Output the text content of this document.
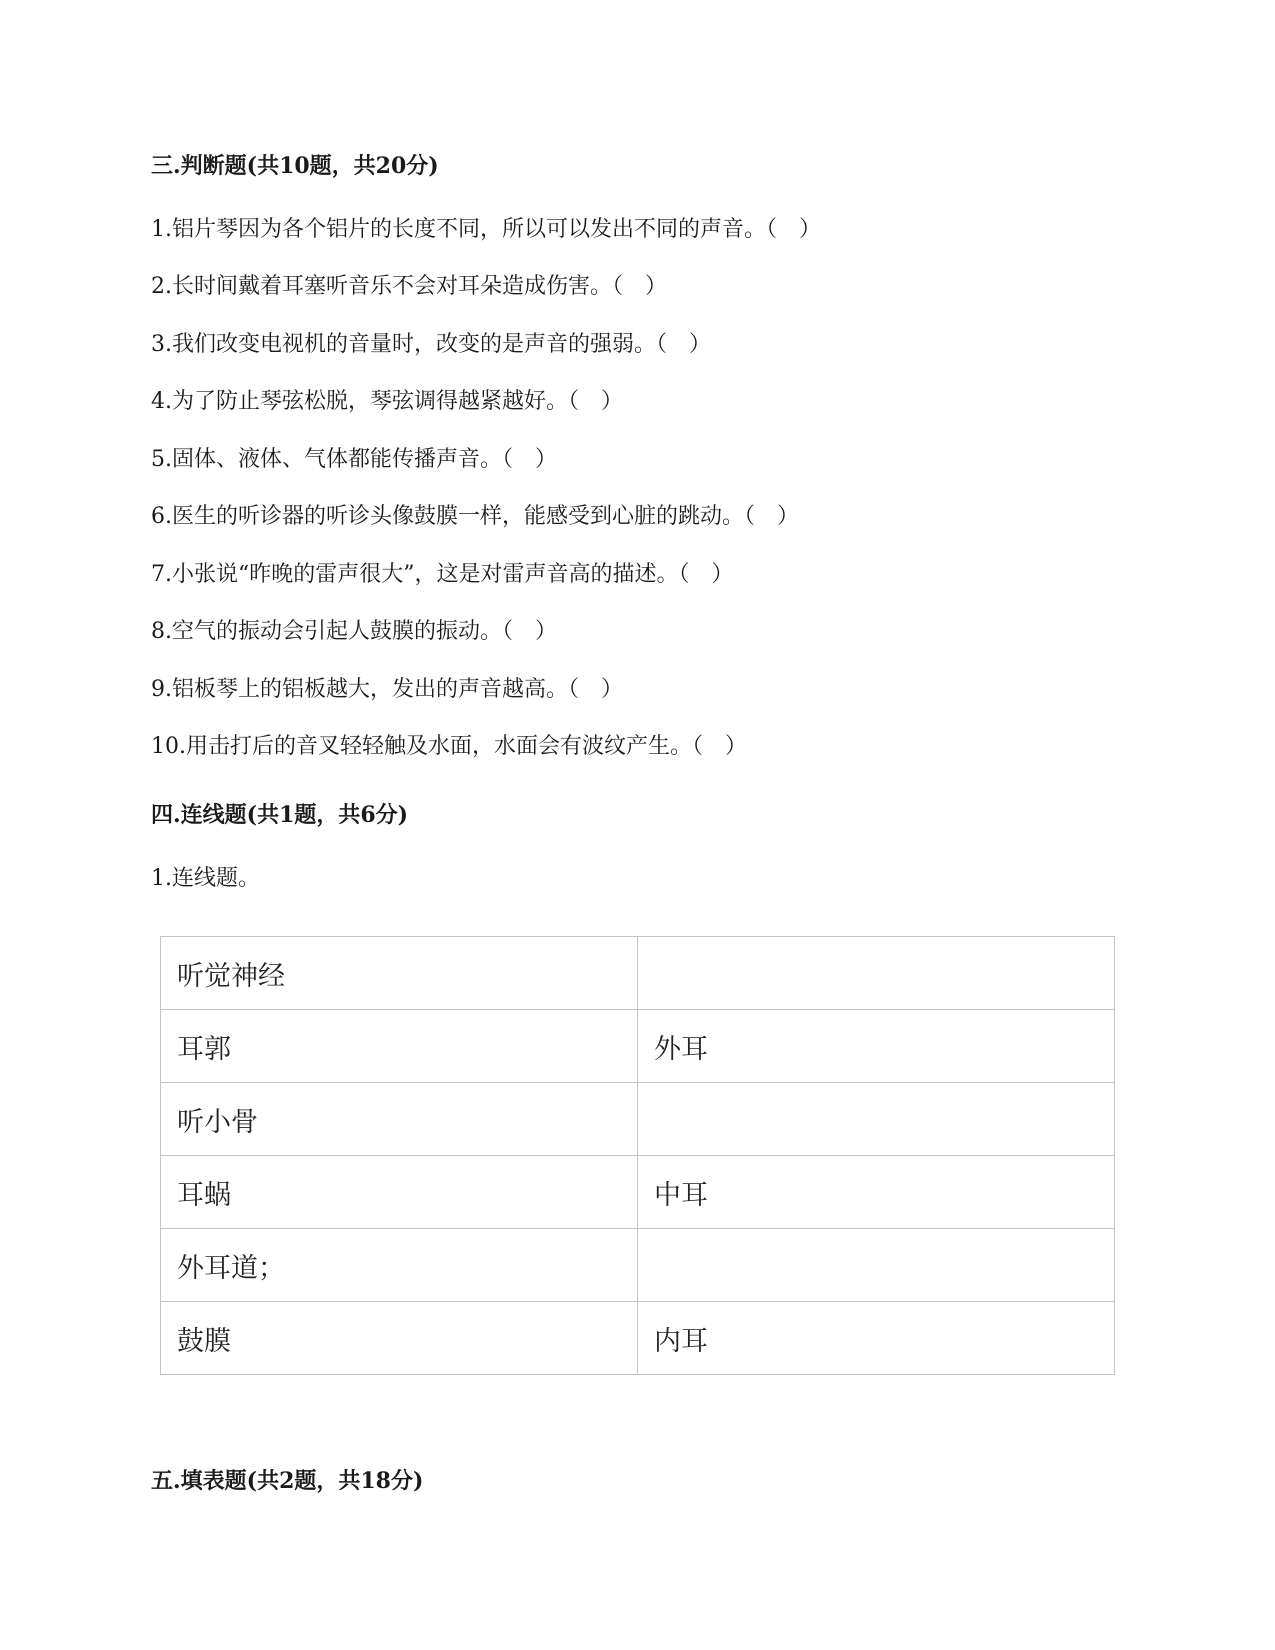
三.判断题(共10题，共20分)
1.铝片琴因为各个铝片的长度不同，所以可以发出不同的声音。（　）
2.长时间戴着耳塞听音乐不会对耳朵造成伤害。（　）
3.我们改变电视机的音量时，改变的是声音的强弱。（　）
4.为了防止琴弦松脱，琴弦调得越紧越好。（　）
5.固体、液体、气体都能传播声音。（　）
6.医生的听诊器的听诊头像鼓膜一样，能感受到心脏的跳动。（　）
7.小张说“昨晚的雷声很大”，这是对雷声音高的描述。（　）
8.空气的振动会引起人鼓膜的振动。（　）
9.铝板琴上的铝板越大，发出的声音越高。（　）
10.用击打后的音叉轻轻触及水面，水面会有波纹产生。（　）
四.连线题(共1题，共6分)
1.连线题。
听觉神经	
耳郭	外耳
听小骨	
耳蜗	中耳
外耳道；	
鼓膜	内耳
五.填表题(共2题，共18分)
